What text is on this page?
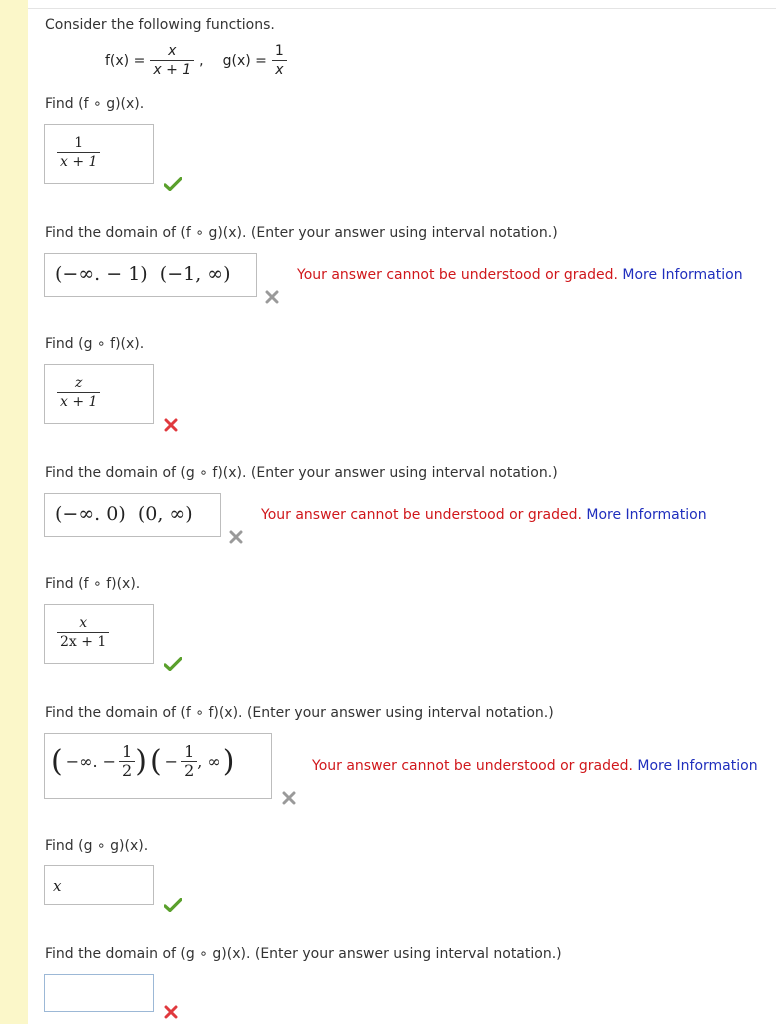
Consider the following functions.
$f(x) = \frac{x}{x + 1}$ , $g(x) = \frac{1}{x}$
Find (f ∘ g)(x).
$\frac{1}{x + 1}$
Find the domain of (f ∘ g)(x). (Enter your answer using interval notation.)
(−∞. − 1) (−1, ∞)	Your answer cannot be understood or graded. More Information
Find (g ∘ f)(x).
$\frac{z}{x + 1}$
Find the domain of (g ∘ f)(x). (Enter your answer using interval notation.)
(−∞. 0) (0, ∞)	Your answer cannot be understood or graded. More Information
Find (f ∘ f)(x).
$\frac{x}{2x + 1}$
Find the domain of (f ∘ f)(x). (Enter your answer using interval notation.)
( −∞. − $\frac{1}{2}$ ) ( − $\frac{1}{2}$ , ∞ )	Your answer cannot be understood or graded. More Information
Find (g ∘ g)(x).
x
Find the domain of (g ∘ g)(x). (Enter your answer using interval notation.)
